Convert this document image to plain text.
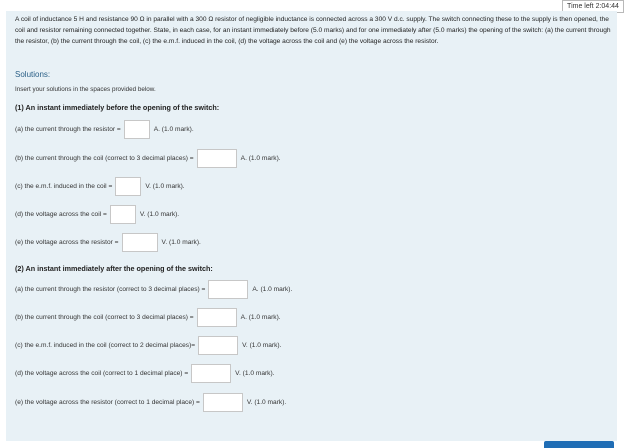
Time left 2:04:44

A coil of inductance 5 H and resistance 90 Ω in parallel with a 300 Ω resistor of negligible inductance is connected across a 300 V d.c. supply. The switch connecting these to the supply is then opened, the coil and resistor remaining connected together. State, in each case, for an instant immediately before (5.0 marks) and for one immediately after (5.0 marks) the opening of the switch: (a) the current through the resistor, (b) the current through the coil, (c) the e.m.f. induced in the coil, (d) the voltage across the coil and (e) the voltage across the resistor.

Solutions:

Insert your solutions in the spaces provided below.

(1) An instant immediately before the opening of the switch:

(a) the current through the resistor =	A. (1.0 mark).
(b) the current through the coil (correct to 3 decimal places) =	A. (1.0 mark).
(c) the e.m.f. induced in the coil =	V. (1.0 mark).
(d) the voltage across the coil =	V. (1.0 mark).
(e) the voltage across the resistor =	V. (1.0 mark).

(2) An instant immediately after the opening of the switch:

(a) the current through the resistor (correct to 3 decimal places) =	A. (1.0 mark).
(b) the current through the coil (correct to 3 decimal places) =	A. (1.0 mark).
(c) the e.m.f. induced in the coil (correct to 2 decimal places)=	V. (1.0 mark).
(d) the voltage across the coil (correct to 1 decimal place) =	V. (1.0 mark).
(e) the voltage across the resistor (correct to 1 decimal place) =	V. (1.0 mark).
